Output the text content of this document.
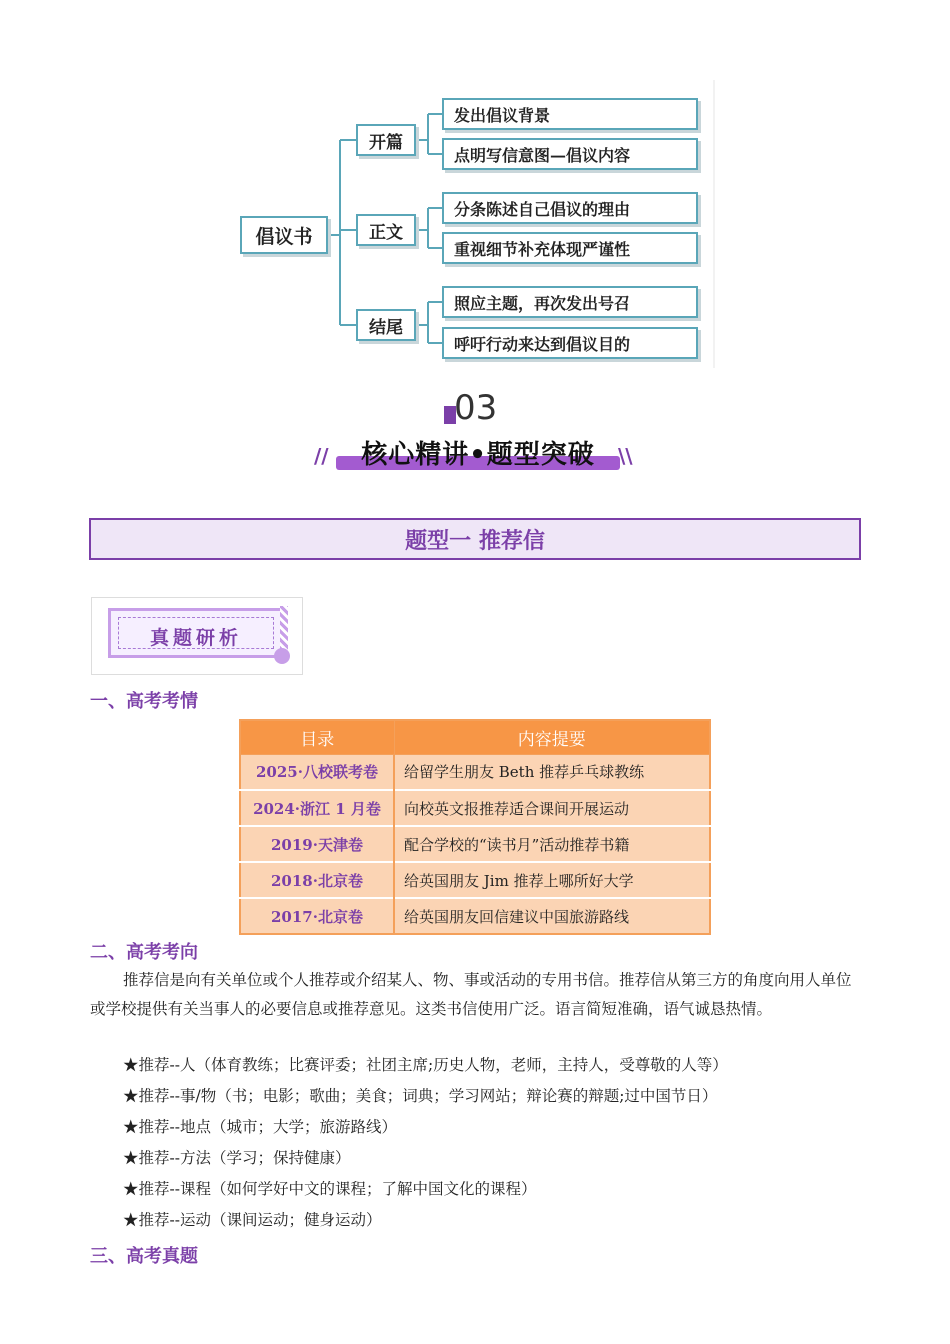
倡议书
开篇
正文
结尾
发出倡议背景
点明写信意图—倡议内容
分条陈述自己倡议的理由
重视细节补充体现严谨性
照应主题，再次发出号召
呼吁行动来达到倡议目的
03
//	\\
核心精讲•题型突破
题型一 推荐信
真题研析
一、高考考情
目录	内容提要
2025·八校联考卷	给留学生朋友 Beth 推荐乒乓球教练
2024·浙江 1 月卷	向校英文报推荐适合课间开展运动
2019·天津卷	配合学校的“读书月”活动推荐书籍
2018·北京卷	给英国朋友 Jim 推荐上哪所好大学
2017·北京卷	给英国朋友回信建议中国旅游路线
二、高考考向

推荐信是向有关单位或个人推荐或介绍某人、物、事或活动的专用书信。推荐信从第三方的角度向用人单位或学校提供有关当事人的必要信息或推荐意见。这类书信使用广泛。语言简短准确，语气诚恳热情。

★推荐--人（体育教练；比赛评委；社团主席;历史人物，老师，主持人，受尊敬的人等）
★推荐--事/物（书；电影；歌曲；美食；词典；学习网站；辩论赛的辩题;过中国节日）
★推荐--地点（城市；大学；旅游路线）
★推荐--方法（学习；保持健康）
★推荐--课程（如何学好中文的课程；了解中国文化的课程）
★推荐--运动（课间运动；健身运动）
三、高考真题
